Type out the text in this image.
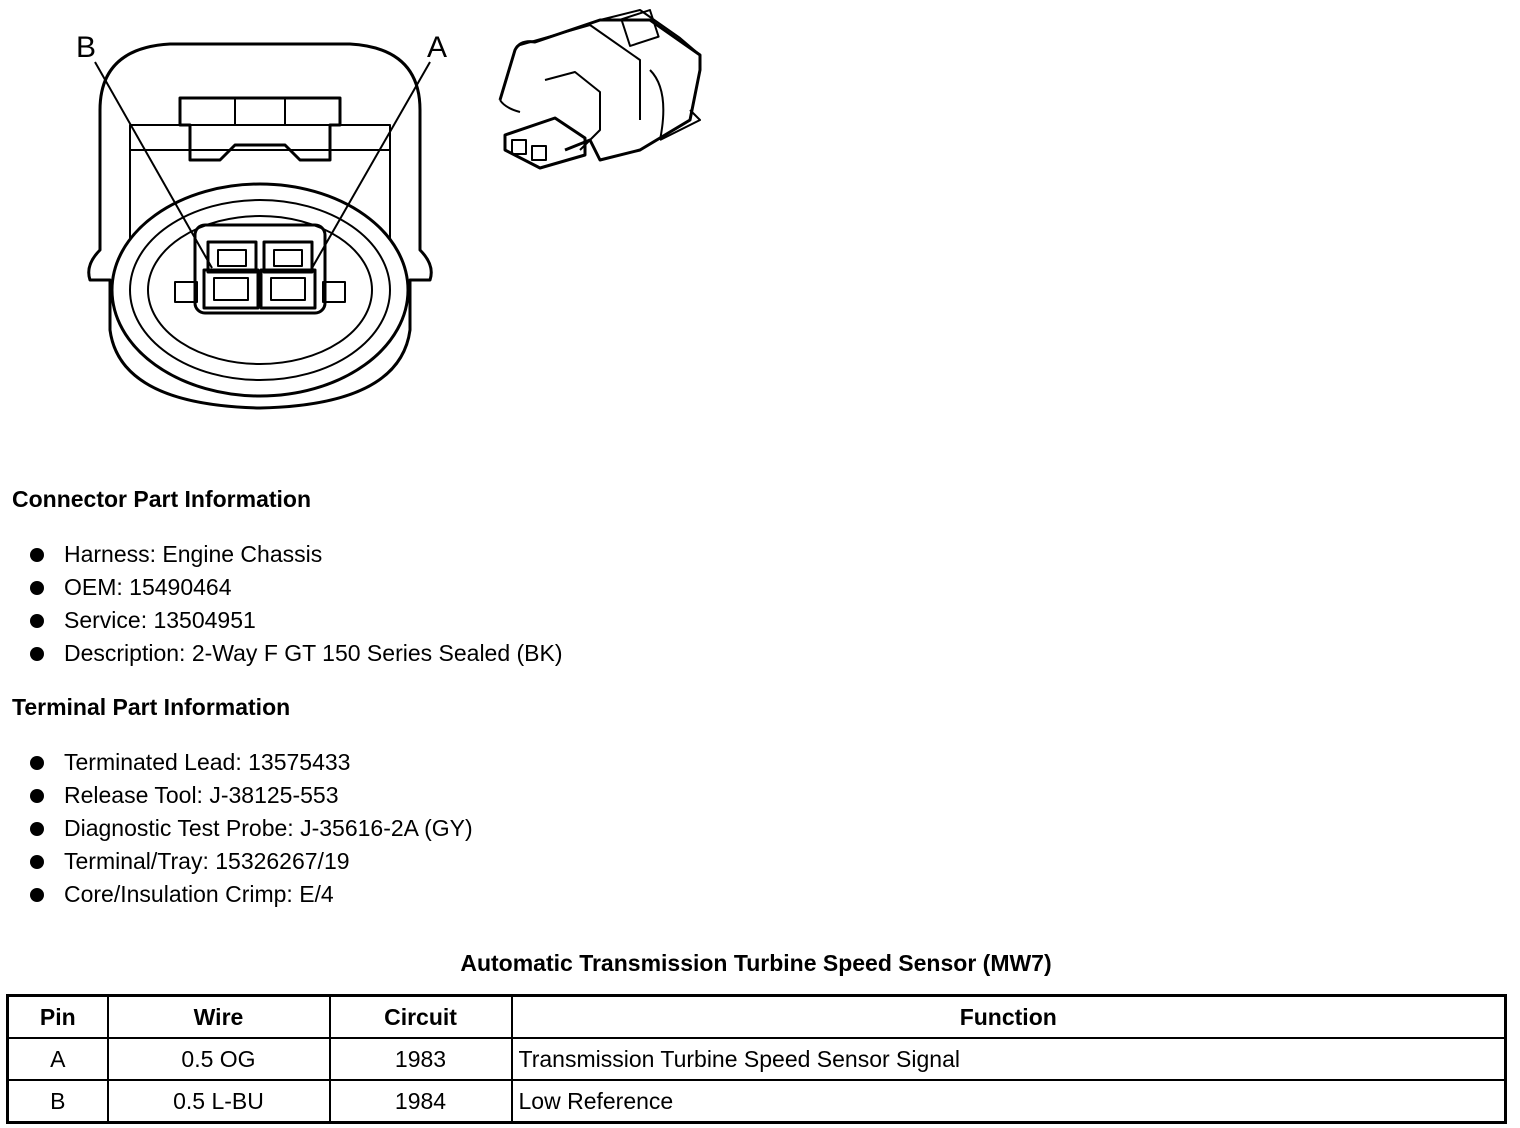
B	A
Connector Part Information
Harness: Engine Chassis
OEM: 15490464
Service: 13504951
Description: 2-Way F GT 150 Series Sealed (BK)
Terminal Part Information
Terminated Lead: 13575433
Release Tool: J-38125-553
Diagnostic Test Probe: J-35616-2A (GY)
Terminal/Tray: 15326267/19
Core/Insulation Crimp: E/4
Automatic Transmission Turbine Speed Sensor (MW7)
Pin	Wire	Circuit	Function
A	0.5 OG	1983	Transmission Turbine Speed Sensor Signal
B	0.5 L-BU	1984	Low Reference
